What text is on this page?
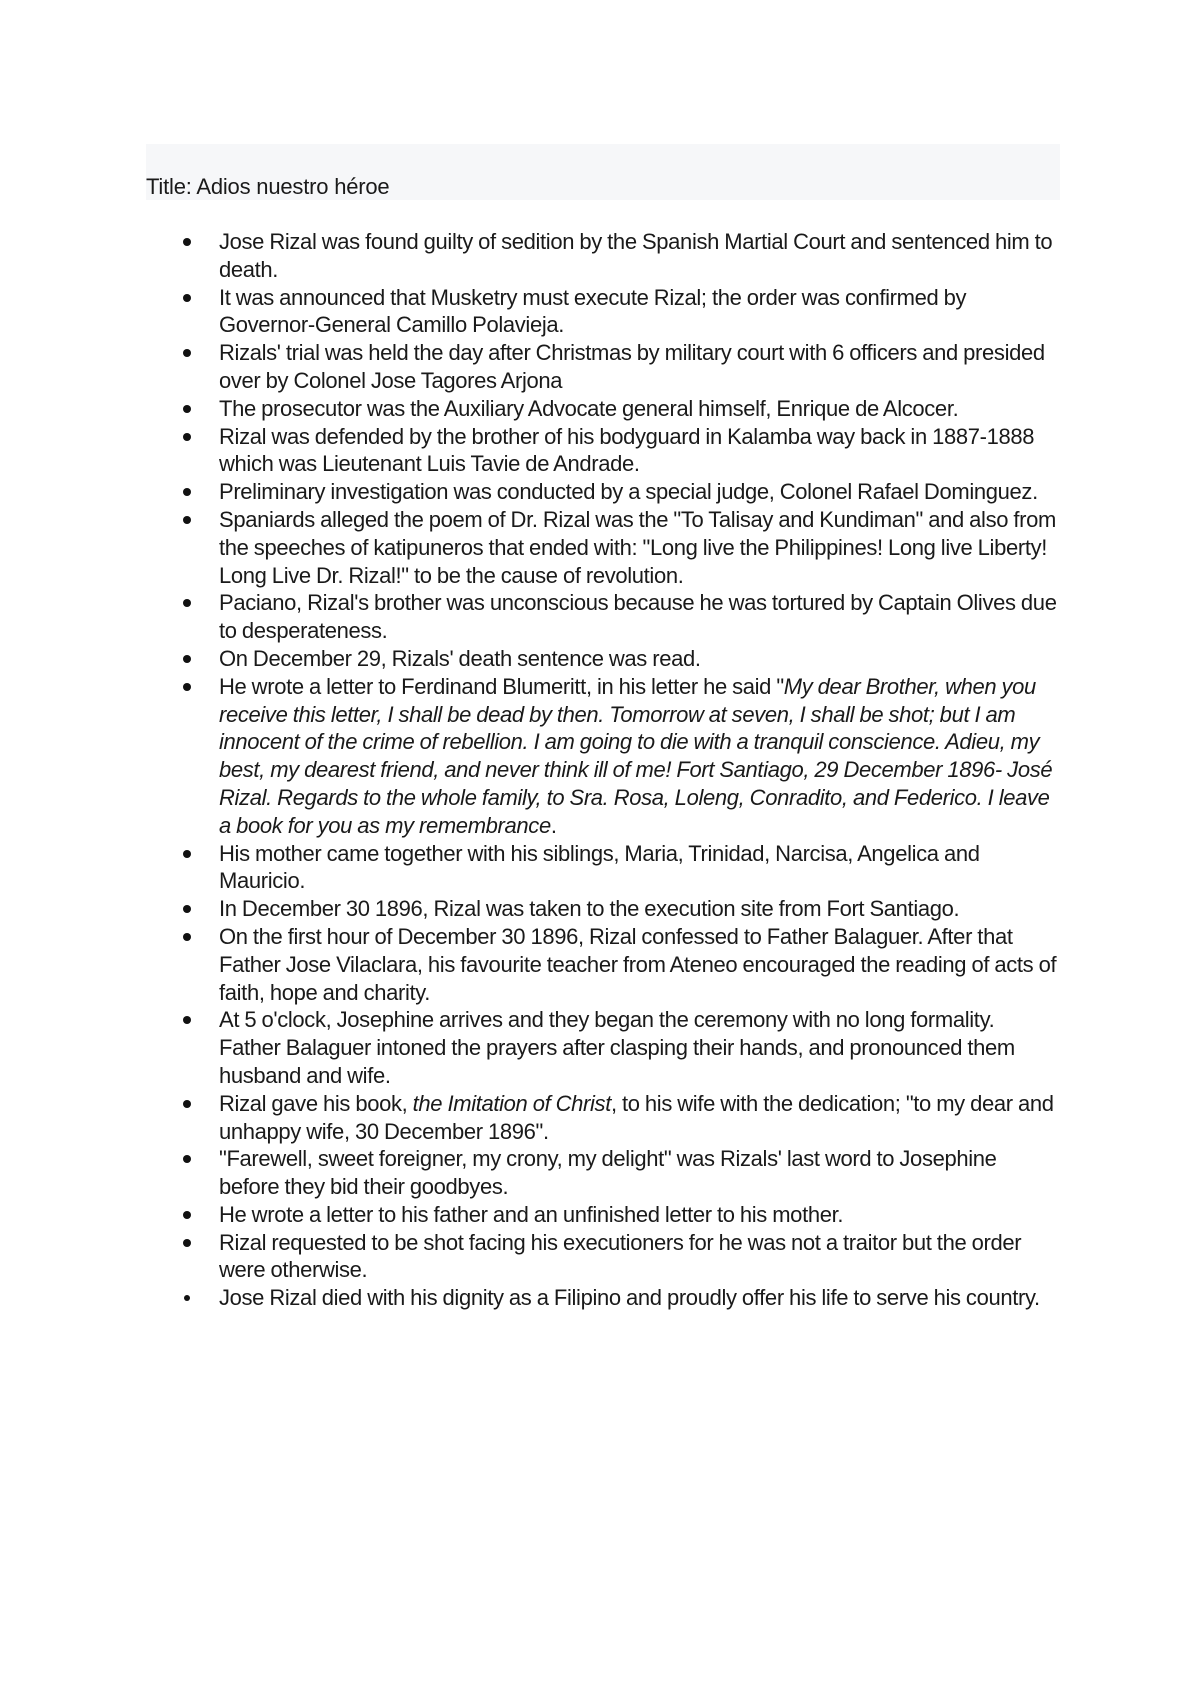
Title: Adios nuestro héroe
Jose Rizal was found guilty of sedition by the Spanish Martial Court and sentenced him to death.
It was announced that Musketry must execute Rizal; the order was confirmed by Governor-General Camillo Polavieja.
Rizals' trial was held the day after Christmas by military court with 6 officers and presided over by Colonel Jose Tagores Arjona
The prosecutor was the Auxiliary Advocate general himself, Enrique de Alcocer.
Rizal was defended by the brother of his bodyguard in Kalamba way back in 1887-1888 which was Lieutenant Luis Tavie de Andrade.
Preliminary investigation was conducted by a special judge, Colonel Rafael Dominguez.
Spaniards alleged the poem of Dr. Rizal was the "To Talisay and Kundiman" and also from the speeches of katipuneros that ended with: "Long live the Philippines! Long live Liberty! Long Live Dr. Rizal!" to be the cause of revolution.
Paciano, Rizal's brother was unconscious because he was tortured by Captain Olives due to desperateness.
On December 29, Rizals' death sentence was read.
He wrote a letter to Ferdinand Blumeritt, in his letter he said "My dear Brother, when you receive this letter, I shall be dead by then. Tomorrow at seven, I shall be shot; but I am innocent of the crime of rebellion. I am going to die with a tranquil conscience. Adieu, my best, my dearest friend, and never think ill of me! Fort Santiago, 29 December 1896- José Rizal. Regards to the whole family, to Sra. Rosa, Loleng, Conradito, and Federico. I leave a book for you as my remembrance.
His mother came together with his siblings, Maria, Trinidad, Narcisa, Angelica and Mauricio.
In December 30 1896, Rizal was taken to the execution site from Fort Santiago.
On the first hour of December 30 1896, Rizal confessed to Father Balaguer. After that Father Jose Vilaclara, his favourite teacher from Ateneo encouraged the reading of acts of faith, hope and charity.
At 5 o'clock, Josephine arrives and they began the ceremony with no long formality. Father Balaguer intoned the prayers after clasping their hands, and pronounced them husband and wife.
Rizal gave his book, the Imitation of Christ, to his wife with the dedication; "to my dear and unhappy wife, 30 December 1896".
"Farewell, sweet foreigner, my crony, my delight" was Rizals' last word to Josephine before they bid their goodbyes.
He wrote a letter to his father and an unfinished letter to his mother.
Rizal requested to be shot facing his executioners for he was not a traitor but the order were otherwise.
Jose Rizal died with his dignity as a Filipino and proudly offer his life to serve his country.
